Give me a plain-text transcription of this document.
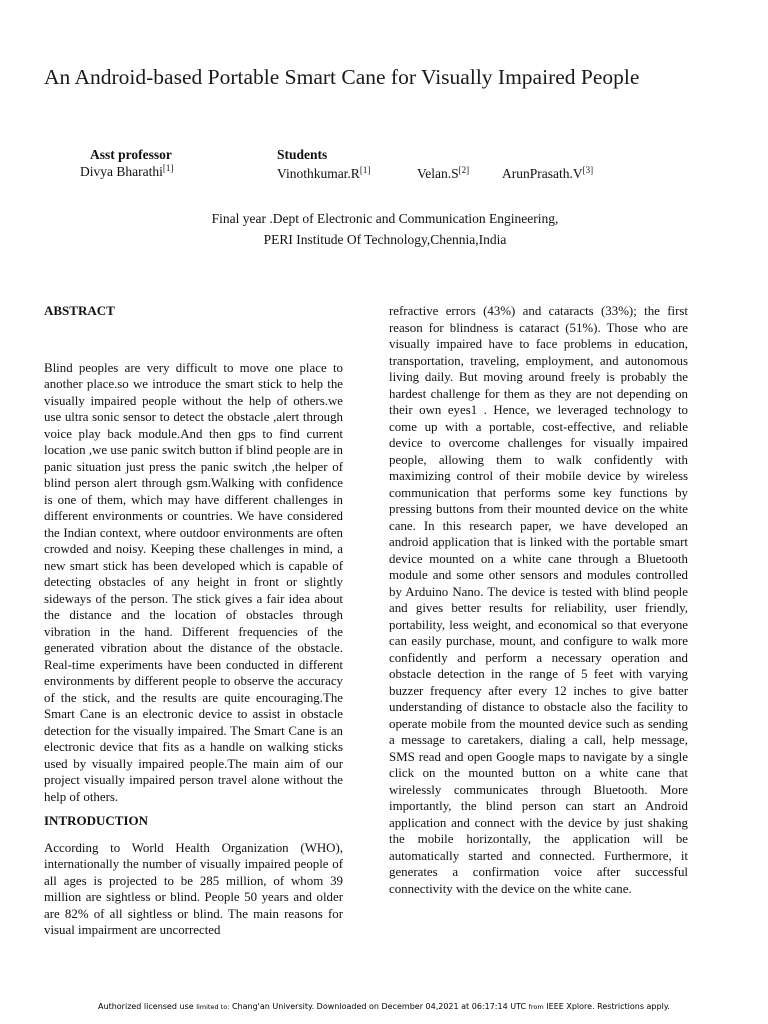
An Android-based Portable Smart Cane for Visually Impaired People
Asst professor	Students
Divya Bharathi[1]	Vinothkumar.R[1]	Velan.S[2] ArunPrasath.V[3]
Final year .Dept of Electronic and Communication Engineering,
PERI Institude Of Technology,Chennia,India

ABSTRACT

Blind peoples are very difficult to move one place to another place.so we introduce the smart stick to help the visually impaired people without the help of others.we use ultra sonic sensor to detect the obstacle ,alert through voice play back module.And then gps to find current location ,we use panic switch button if blind people are in panic situation just press the panic switch ,the helper of blind person alert through gsm.Walking with confidence is one of them, which may have different challenges in different environments or countries. We have considered the Indian context, where outdoor environments are often crowded and noisy. Keeping these challenges in mind, a new smart stick has been developed which is capable of detecting obstacles of any height in front or slightly sideways of the person. The stick gives a fair idea about the distance and the location of obstacles through vibration in the hand. Different frequencies of the generated vibration about the distance of the obstacle. Real-time experiments have been conducted in different environments by different people to observe the accuracy of the stick, and the results are quite encouraging.The Smart Cane is an electronic device to assist in obstacle detection for the visually impaired. The Smart Cane is an electronic device that fits as a handle on walking sticks used by visually impaired people.The main aim of our project visually impaired person travel alone without the help of others.

INTRODUCTION

According to World Health Organization (WHO), internationally the number of visually impaired people of all ages is projected to be 285 million, of whom 39 million are sightless or blind. People 50 years and older are 82% of all sightless or blind. The main reasons for visual impairment are uncorrected

refractive errors (43%) and cataracts (33%); the first reason for blindness is cataract (51%). Those who are visually impaired have to face problems in education, transportation, traveling, employment, and autonomous living daily. But moving around freely is probably the hardest challenge for them as they are not depending on their own eyes1 . Hence, we leveraged technology to come up with a portable, cost-effective, and reliable device to overcome challenges for visually impaired people, allowing them to walk confidently with maximizing control of their mobile device by wireless communication that performs some key functions by pressing buttons from their mounted device on the white cane. In this research paper, we have developed an android application that is linked with the portable smart device mounted on a white cane through a Bluetooth module and some other sensors and modules controlled by Arduino Nano. The device is tested with blind people and gives better results for reliability, user friendly, portability, less weight, and economical so that everyone can easily purchase, mount, and configure to walk more confidently and perform a necessary operation and obstacle detection in the range of 5 feet with varying buzzer frequency after every 12 inches to give batter understanding of distance to obstacle also the facility to operate mobile from the mounted device such as sending a message to caretakers, dialing a call, help message, SMS read and open Google maps to navigate by a single click on the mounted button on a white cane that wirelessly communicates through Bluetooth. More importantly, the blind person can start an Android application and connect with the device by just shaking the mobile horizontally, the application will be automatically started and connected. Furthermore, it generates a confirmation voice after successful connectivity with the device on the white cane.

Authorized licensed use limited to: Chang'an University. Downloaded on December 04,2021 at 06:17:14 UTC from IEEE Xplore. Restrictions apply.
